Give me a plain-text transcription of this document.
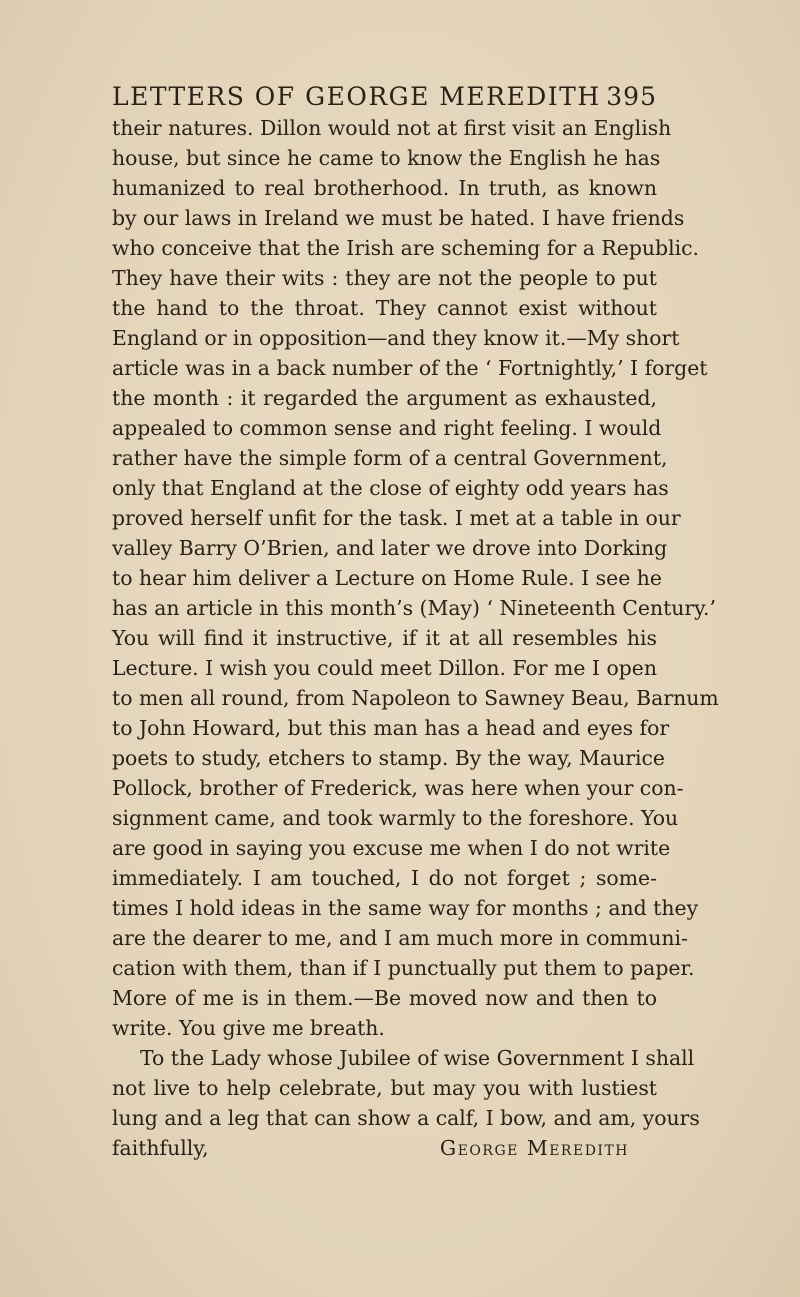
LETTERS OF GEORGE MEREDITH 395
their natures. Dillon would not at first visit an English
house, but since he came to know the English he has
humanized to real brotherhood. In truth, as known
by our laws in Ireland we must be hated. I have friends
who conceive that the Irish are scheming for a Republic.
They have their wits : they are not the people to put
the hand to the throat. They cannot exist without
England or in opposition—and they know it.—My short
article was in a back number of the ‘ Fortnightly,’ I forget
the month : it regarded the argument as exhausted,
appealed to common sense and right feeling. I would
rather have the simple form of a central Government,
only that England at the close of eighty odd years has
proved herself unfit for the task. I met at a table in our
valley Barry O’Brien, and later we drove into Dorking
to hear him deliver a Lecture on Home Rule. I see he
has an article in this month’s (May) ‘ Nineteenth Century.’
You will find it instructive, if it at all resembles his
Lecture. I wish you could meet Dillon. For me I open
to men all round, from Napoleon to Sawney Beau, Barnum
to John Howard, but this man has a head and eyes for
poets to study, etchers to stamp. By the way, Maurice
Pollock, brother of Frederick, was here when your con-
signment came, and took warmly to the foreshore. You
are good in saying you excuse me when I do not write
immediately. I am touched, I do not forget ; some-
times I hold ideas in the same way for months ; and they
are the dearer to me, and I am much more in communi-
cation with them, than if I punctually put them to paper.
More of me is in them.—Be moved now and then to
write. You give me breath.
To the Lady whose Jubilee of wise Government I shall
not live to help celebrate, but may you with lustiest
lung and a leg that can show a calf, I bow, and am, yours
faithfully,	George Meredith
